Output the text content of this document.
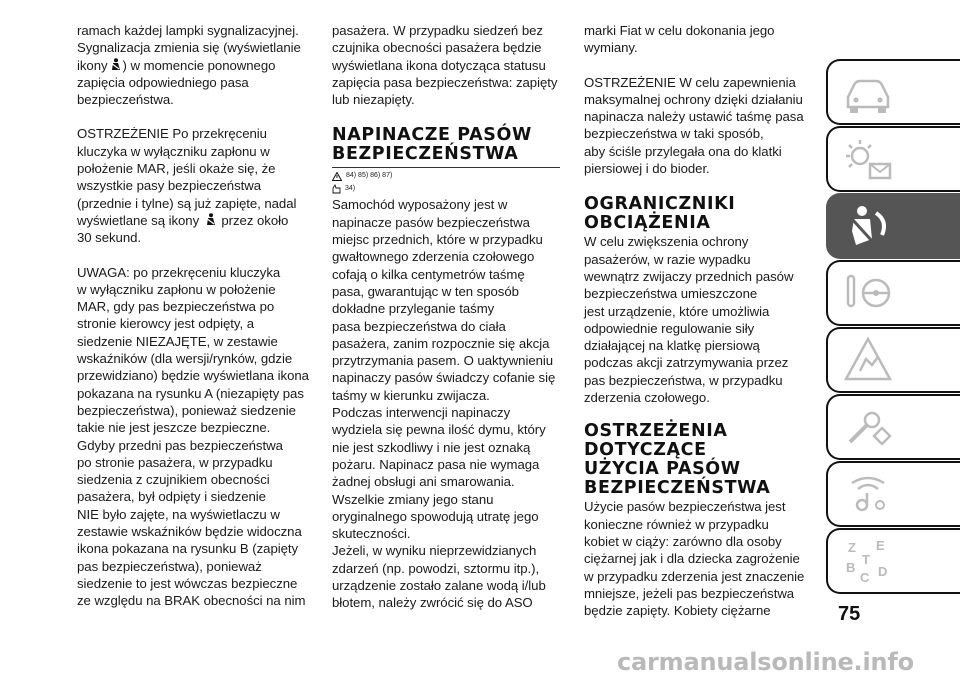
ramach każdej lampki sygnalizacyjnej.
Sygnalizacja zmienia się (wyświetlanie
ikony ) w momencie ponownego
zapięcia odpowiedniego pasa
bezpieczeństwa.

OSTRZEŻENIE Po przekręceniu
kluczyka w wyłączniku zapłonu w
położenie MAR, jeśli okaże się, że
wszystkie pasy bezpieczeństwa
(przednie i tylne) są już zapięte, nadal
wyświetlane są ikony przez około
30 sekund.

UWAGA: po przekręceniu kluczyka
w wyłączniku zapłonu w położenie
MAR, gdy pas bezpieczeństwa po
stronie kierowcy jest odpięty, a
siedzenie NIEZAJĘTE, w zestawie
wskaźników (dla wersji/rynków, gdzie
przewidziano) będzie wyświetlana ikona
pokazana na rysunku A (niezapięty pas
bezpieczeństwa), ponieważ siedzenie
takie nie jest jeszcze bezpieczne.
Gdyby przedni pas bezpieczeństwa
po stronie pasażera, w przypadku
siedzenia z czujnikiem obecności
pasażera, był odpięty i siedzenie
NIE było zajęte, na wyświetlaczu w
zestawie wskaźników będzie widoczna
ikona pokazana na rysunku B (zapięty
pas bezpieczeństwa), ponieważ
siedzenie to jest wówczas bezpieczne
ze względu na BRAK obecności na nim

pasażera. W przypadku siedzeń bez
czujnika obecności pasażera będzie
wyświetlana ikona dotycząca statusu
zapięcia pasa bezpieczeństwa: zapięty
lub niezapięty.

NAPINACZE PASÓW
BEZPIECZEŃSTWA
84) 85) 86) 87)
34)

Samochód wyposażony jest w
napinacze pasów bezpieczeństwa
miejsc przednich, które w przypadku
gwałtownego zderzenia czołowego
cofają o kilka centymetrów taśmę
pasa, gwarantując w ten sposób
dokładne przyleganie taśmy
pasa bezpieczeństwa do ciała
pasażera, zanim rozpocznie się akcja
przytrzymania pasem. O uaktywnieniu
napinaczy pasów świadczy cofanie się
taśmy w kierunku zwijacza.
Podczas interwencji napinaczy
wydziela się pewna ilość dymu, który
nie jest szkodliwy i nie jest oznaką
pożaru. Napinacz pasa nie wymaga
żadnej obsługi ani smarowania.
Wszelkie zmiany jego stanu
oryginalnego spowodują utratę jego
skuteczności.
Jeżeli, w wyniku nieprzewidzianych
zdarzeń (np. powodzi, sztormu itp.),
urządzenie zostało zalane wodą i/lub
błotem, należy zwrócić się do ASO

marki Fiat w celu dokonania jego
wymiany.

OSTRZEŻENIE W celu zapewnienia
maksymalnej ochrony dzięki działaniu
napinacza należy ustawić taśmę pasa
bezpieczeństwa w taki sposób,
aby ściśle przylegała ona do klatki
piersiowej i do bioder.

OGRANICZNIKI
OBCIĄŻENIA

W celu zwiększenia ochrony
pasażerów, w razie wypadku
wewnątrz zwijaczy przednich pasów
bezpieczeństwa umieszczone
jest urządzenie, które umożliwia
odpowiednie regulowanie siły
działającej na klatkę piersiową
podczas akcji zatrzymywania przez
pas bezpieczeństwa, w przypadku
zderzenia czołowego.

OSTRZEŻENIA
DOTYCZĄCE
UŻYCIA PASÓW
BEZPIECZEŃSTWA

Użycie pasów bezpieczeństwa jest
konieczne również w przypadku
kobiet w ciąży: zarówno dla osoby
ciężarnej jak i dla dziecka zagrożenie
w przypadku zderzenia jest znaczenie
mniejsze, jeżeli pas bezpieczeństwa
będzie zapięty. Kobiety ciężarne

Z E
B
C
T
D
75
carmanualsonline.info
